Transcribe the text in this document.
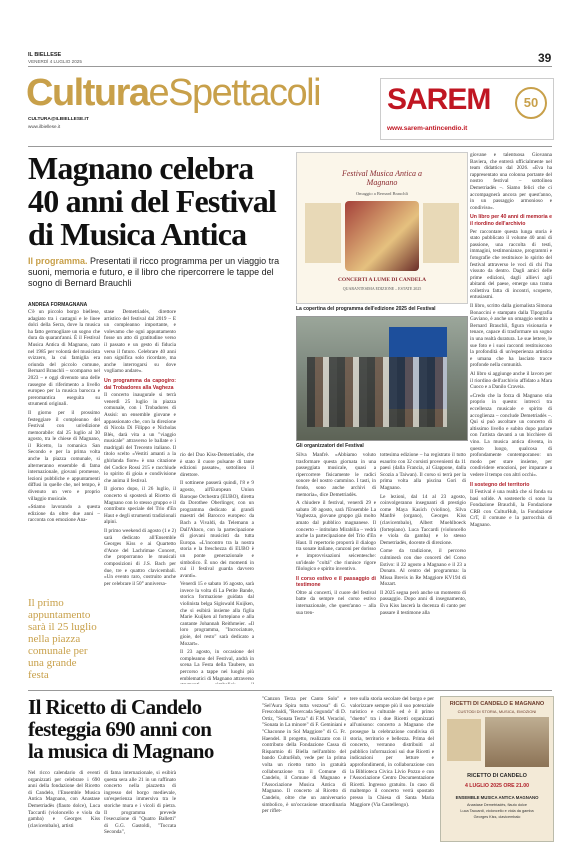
IL BIELLESE
VENERDÌ 4 LUGLIO 2025	39
CulturaeSpettacoli
CULTURA@ILBIELLESE.IT
www.ilbiellese.it
SAREM	50
www.sarem-antincendio.it
Magnano celebra
40 anni del Festival
di Musica Antica
Il programma. Presentati il ricco programma per un viaggio tra suoni, memoria e futuro, e il libro che ripercorrere le tappe del sogno di Bernard Brauchli
ANDREA FORMAGNANA

C'è un piccolo borgo biellese, adagiato tra i castagni e le linee dolci della Serra, dove la musica ha fatto germogliare un sogno che dura da quarant'anni. È il Festival Musica Antica di Magnano, nato nel 1985 per volontà del musicista svizzero, la cui famiglia era oriunda del piccolo comune, Bernard Brauchli – scomparso nel 2023 – e oggi divenuto una delle rassegne di riferimento a livello europeo per la musica barocca e preromantica eseguita su strumenti originali.

Il giorno per il prossimo festeggiare il compleanno del Festival con un'edizione memorabile: dal 25 luglio al 30 agosto, tra le chiese di Magnano, il Ricetto, la romanica San Secondo e per la prima volta anche la piazza comunale, si alterneranno ensemble di fama internazionale, giovani promesse, lezioni pubbliche e appuntamenti diffusi in quelle che, nel tempo, è divenuto un vero e proprio villaggio musicale.

«Stiamo lavorando a questa edizione da oltre due anni – racconta con emozione Ana-

Il primo appuntamento sarà il 25 luglio nella piazza comunale per una grande festa

stase Demetriadès, direttore artistico del festival dal 2019 – E un compleanno importante, e volevamo che ogni appuntamento fosse un atto di gratitudine verso il passato e un gesto di fiducia verso il futuro. Celebrare 40 anni non significa solo ricordare, ma anche interrogarsi su dove vogliamo andare».

Un programma da capogiro: dai Trobadores alla Vagheza

Il concerto inaugurale si terrà venerdì 25 luglio in piazza comunale, con i Trobadores di Assisi: un ensemble giovane e appassionato che, con la direzione di Nicola Di Filippo e Nicholas Blés, darà vita a un "viaggio musicale" attraverso le ballate e i madrigali del Trecento italiano. Il titolo scelto «Vestiti amanti a la ghirlanda fiore» è una citazione del Codice Rossi 215 e racchiude lo spirito di gioia e condivisione che anima il festival.

Il giorno dopo, il 26 luglio, il concerto si sposterà al Ricetto di Magnano con lo stesso gruppo e il contributo speciale del Trio d'En Haut e degli strumenti tradizionali alpini.

Il primo weekend di agosto (1 e 2) sarà dedicato all'Ensemble Georges Kiss e ai Quartetto d'Ance del Lachrimae Concert, che proporranno le musicali composizioni di J.S. Bach per due, tre e quattro clavicembali. «Un evento raro, costruito anche per celebrare il 50° anniversa-

Festival Musica Antica a Magnano
Omaggio a Bernard Brauchli
CONCERTI A LUME DI CANDELA
QUARANTESIMA EDIZIONE – ESTATE 2025
La copertina del programma dell'edizione 2025 del Festival
Gli organizzatori del Festival

rio del Duo Kiss-Demetriadès, che è stato il cuore pulsante di tante edizioni passate», sottolinea il direttore.

Il sottinene passerà quindi, l'8 e 9 agosto, all'European Union Baroque Orchestra (EUBO), diretta da Dorothee Oberlinger, con un programma dedicato ai grandi maestri del Barocco europeo: da Bach a Vivaldi, da Telemann a Dall'Abaco, con la partecipazione di giovani musicisti da tutta Europa. «L'incontro tra la nostra storia e la freschezza di EUBO è un ponte generazionale e simbolico. È uno dei momenti in cui il festival guarda davvero avanti».

Venerdì 15 e sabato 16 agosto, sarà invece la volta di La Petite Bande, storica formazione guidata dal violinista belga Sigiswald Kuijken, che si esibirà insieme alla figlia Marie Kuijken al fortepiano e alla cantante Johannah Reithmeier. «Il loro programma, "Incrociature, gioie, del resto" sarà dedicato a Mozart».

Il 23 agosto, in occasione del compleanno del Festival, andrà in scena La Festa della Taubere, un percorso a tappe nei luoghi più emblematici di Magnano attraverso

Silva Manfrè. «Abbiamo voluto trasformare questa giornata in una passeggiata musicale, quasi a ripercorrere fisicamente le radici sonore del nostro cammino. I tasti, in fondo, sono anche archivi di memoria», dice Demetriadès.

A chiudere il festival, venerdì 29 e sabato 30 agosto, sarà l'Ensemble La Vaghezza, giovane gruppo già molto amato dal pubblico magnanese. Il concerto – intitolato Mirabilia – vedrà anche la partecipazione del Trio d'En Haut. Il repertorio proporrà il dialogo tra sonate italiane, canzoni per dorisso e improvvisazioni seicentesche: un'ideale "coltá" che riunisce rigore filologico e spirito inventivo.

Il corso estivo e il passaggio di testimone

Oltre ai concerti, il cuore del festival batte da sempre nel corso estivo internazionale, che quest'anno – alla sua tren-

tottesima edizione – ha registrato il tutto esaurito con 32 corsisti provenienti da 11 paesi (dalla Francia, al Giappone, dalla Scozia a Taiwan). Il corso si terrà per la prima volta alla piscina Gori di Magnano.

Le lezioni, dal 14 al 23 agosto, coinvolgeranno insegnanti di prestigio come Maya Kasich (violino), Silva Manfrè (organo), Georges Kiss (clavicembalo), Albert Muehlboeck (fortepiano). Luca Taccardi (violoncello e viola da gamba) e lo stesso Demetriadès, docente di direzione.

Come da tradizione, il percorso culminerà con due concerti del Corso Estivo: il 22 agosto a Magnano e il 23 a Donato. Al centro del programma: la Missa Brevis in Re Maggiore KV194 di Mozart.

Il 2025 segna però anche un momento di passaggio. Dopo anni di insegnamento, Eva Kiss lascerà la docenza di canto per passare il testimone alla

giovane e talentuosa Giovanna Baviera, che entrerà ufficialmente nel team didattico dal 2026. «Eva ha rappresentato una colonna portante del nostro festival – sottolinea Demetriadès –. Siamo felici che ci accompagnerà ancora per quest'anno, in un passaggio armonioso e condiviso».

Un libro per 40 anni di memoria e il riordino dell'archivio

Per raccontare questa lunga storia è stato pubblicato il volume 40 anni di passione, una raccolta di testi, immagini, testimonianze, programmi e fotografie che restituisce lo spirito del festival attraverso le voci di chi l'ha vissuto da dentro. Dagli amici delle prime edizioni, dagli allievi agli abitanti del paese, emerge una trama collettiva fatta di incontri, scoperte, entusiasmi.

Il libro, scritto dalla giornalista Simona Bonaccini e stampato dalla Tipografia Gaviano, è anche un omaggio sentito a Bernard Brauchli, figura visionaria e tenace, capace di trasformare un sogno in una realtà duratura. Le sue lettere, le sue foto e i suoi racconti restituiscono la profondità di un'esperienza artistica e umana che ha lasciato tracce profonde nella comunità.

Al libro si aggiunge anche il lavoro per il riordino dell'archivio affidato a Mara Cuoco e a Danilo Craveia.

«Credo che la forza di Magnano stia proprio in questo: intrecci tra eccellenza musicale e spirito di accoglienza – conclude Demetriadès –. Qui si può ascoltare un concerto di altissimo livello e subito dopo parlare con l'artista davanti a un bicchiere di vino. La musica antica diventa, in questo luogo, qualcosa di profondamente contemporaneo: un modo per stare insieme, per condividere emozioni, per imparare a vedere il tempo con altri occhi».

Il sostegno del territorio

Il Festival è una realtà che si fonda su basi solide. A sostenerlo ci sono la Fondazione Brauchli, la Fondazione CRB con CulturHub, la Fondazione CrT, il comune e la parrocchia di Magnano.

Il Ricetto di Candelo
festeggia 690 anni con
la musica di Magnano

Nel ricco calendario di eventi organizzati per celebrare i 690 anni della fondazione del Ricetto di Candelo, l'Ensemble Musica Antica Magnano, con Anastase Demetriadès (flauto dolce), Luca Taccardi (violoncello e viola da gamba) e Georges Kiss (clavicembalo), artisti

di fama internazionale, si esibirà questa sera alle 21 in un raffinato concerto nella piazzetta di ingresso del borgo medievale, un'esperienza immersiva tra le storiche mura e i vicoli di pietra. Il programma prevede l'esecuzione di "Quatro Balletti" di G.G. Gastoldi, "Toccata Seconda",

"Canzon Terza per Canto Solo" e "Sel'Aura Spira tutta vezzosa" di G. Frescobaldi, "Recercada Segunda" di D. Ortiz, "Sonata Terza" di F.M. Veracini, "Sonata in La minore" di F. Geminiani e "Chaconne in Sol Maggiore" di G. Fr. Haendel. Il progetto, realizzato con il contributo della Fondazione Cassa di Risparmio di Biella nell'ambito del bando CulturHub, vede per la prima volta un ricetto tutto in gratuità collaborazione tra il Comune di Candelo, il Comune di Magnano e l'Associazione Musica Antica di Magnano. Il concerto al Ricetto di Candelo, oltre che un anniversario simbolico, è un'occasione straordinaria per riflet-

tere sulla storia secolare del borgo e per valorizzare sempre più il suo potenziale turistico e culturale ed è il primo "duetto" tra i due Ricetti organizzati all'unisono: concerto a Magnano che prosegue la celebrazione condivisa di storia, territorio e bellezza. Prima del concerto, verranno distribuiti al pubblico informazioni sui due Ricetti e indicazioni per letture e approfondimenti, in collaborazione con la Biblioteca Civica Livio Pozzo e con l'Associazione Centro Documentazione Ricetti. Ingresso gratuito. In caso di maltempo il concerto verrà spostato presso la Chiesa di Santa Maria Maggiore (Via Castellengo).

RICETTI DI CANDELO E MAGNANO
CUSTODI DI STORIA, MUSICA, EMOZIONI
RICETTO DI CANDELO
4 LUGLIO 2025 ORE 21.00
ENSEMBLE MUSICA ANTICA MAGNANO
Anastase Demetriadès, flauto dolce
Luca Taccardi, violoncello e viola da gamba
Georges Kiss, clavicembalo
